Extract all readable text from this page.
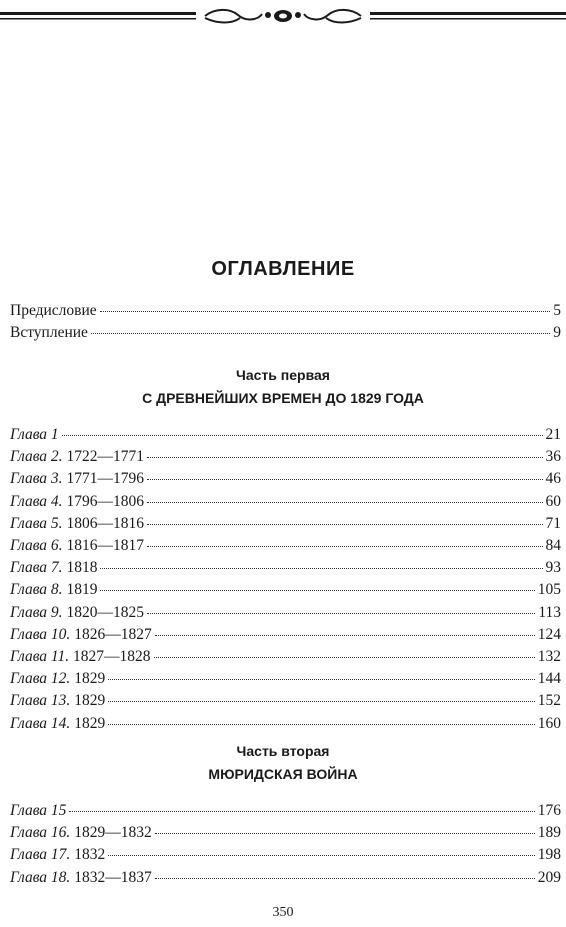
ОГЛАВЛЕНИЕ
Предисловие	5
Вступление	9
Часть первая
С ДРЕВНЕЙШИХ ВРЕМЕН ДО 1829 ГОДА
Глава 1	21
Глава 2. 1722—1771	36
Глава 3. 1771—1796	46
Глава 4. 1796—1806	60
Глава 5. 1806—1816	71
Глава 6. 1816—1817	84
Глава 7. 1818	93
Глава 8. 1819	105
Глава 9. 1820—1825	113
Глава 10. 1826—1827	124
Глава 11. 1827—1828	132
Глава 12. 1829	144
Глава 13. 1829	152
Глава 14. 1829	160
Часть вторая
МЮРИДСКАЯ ВОЙНА
Глава 15	176
Глава 16. 1829—1832	189
Глава 17. 1832	198
Глава 18. 1832—1837	209
350
